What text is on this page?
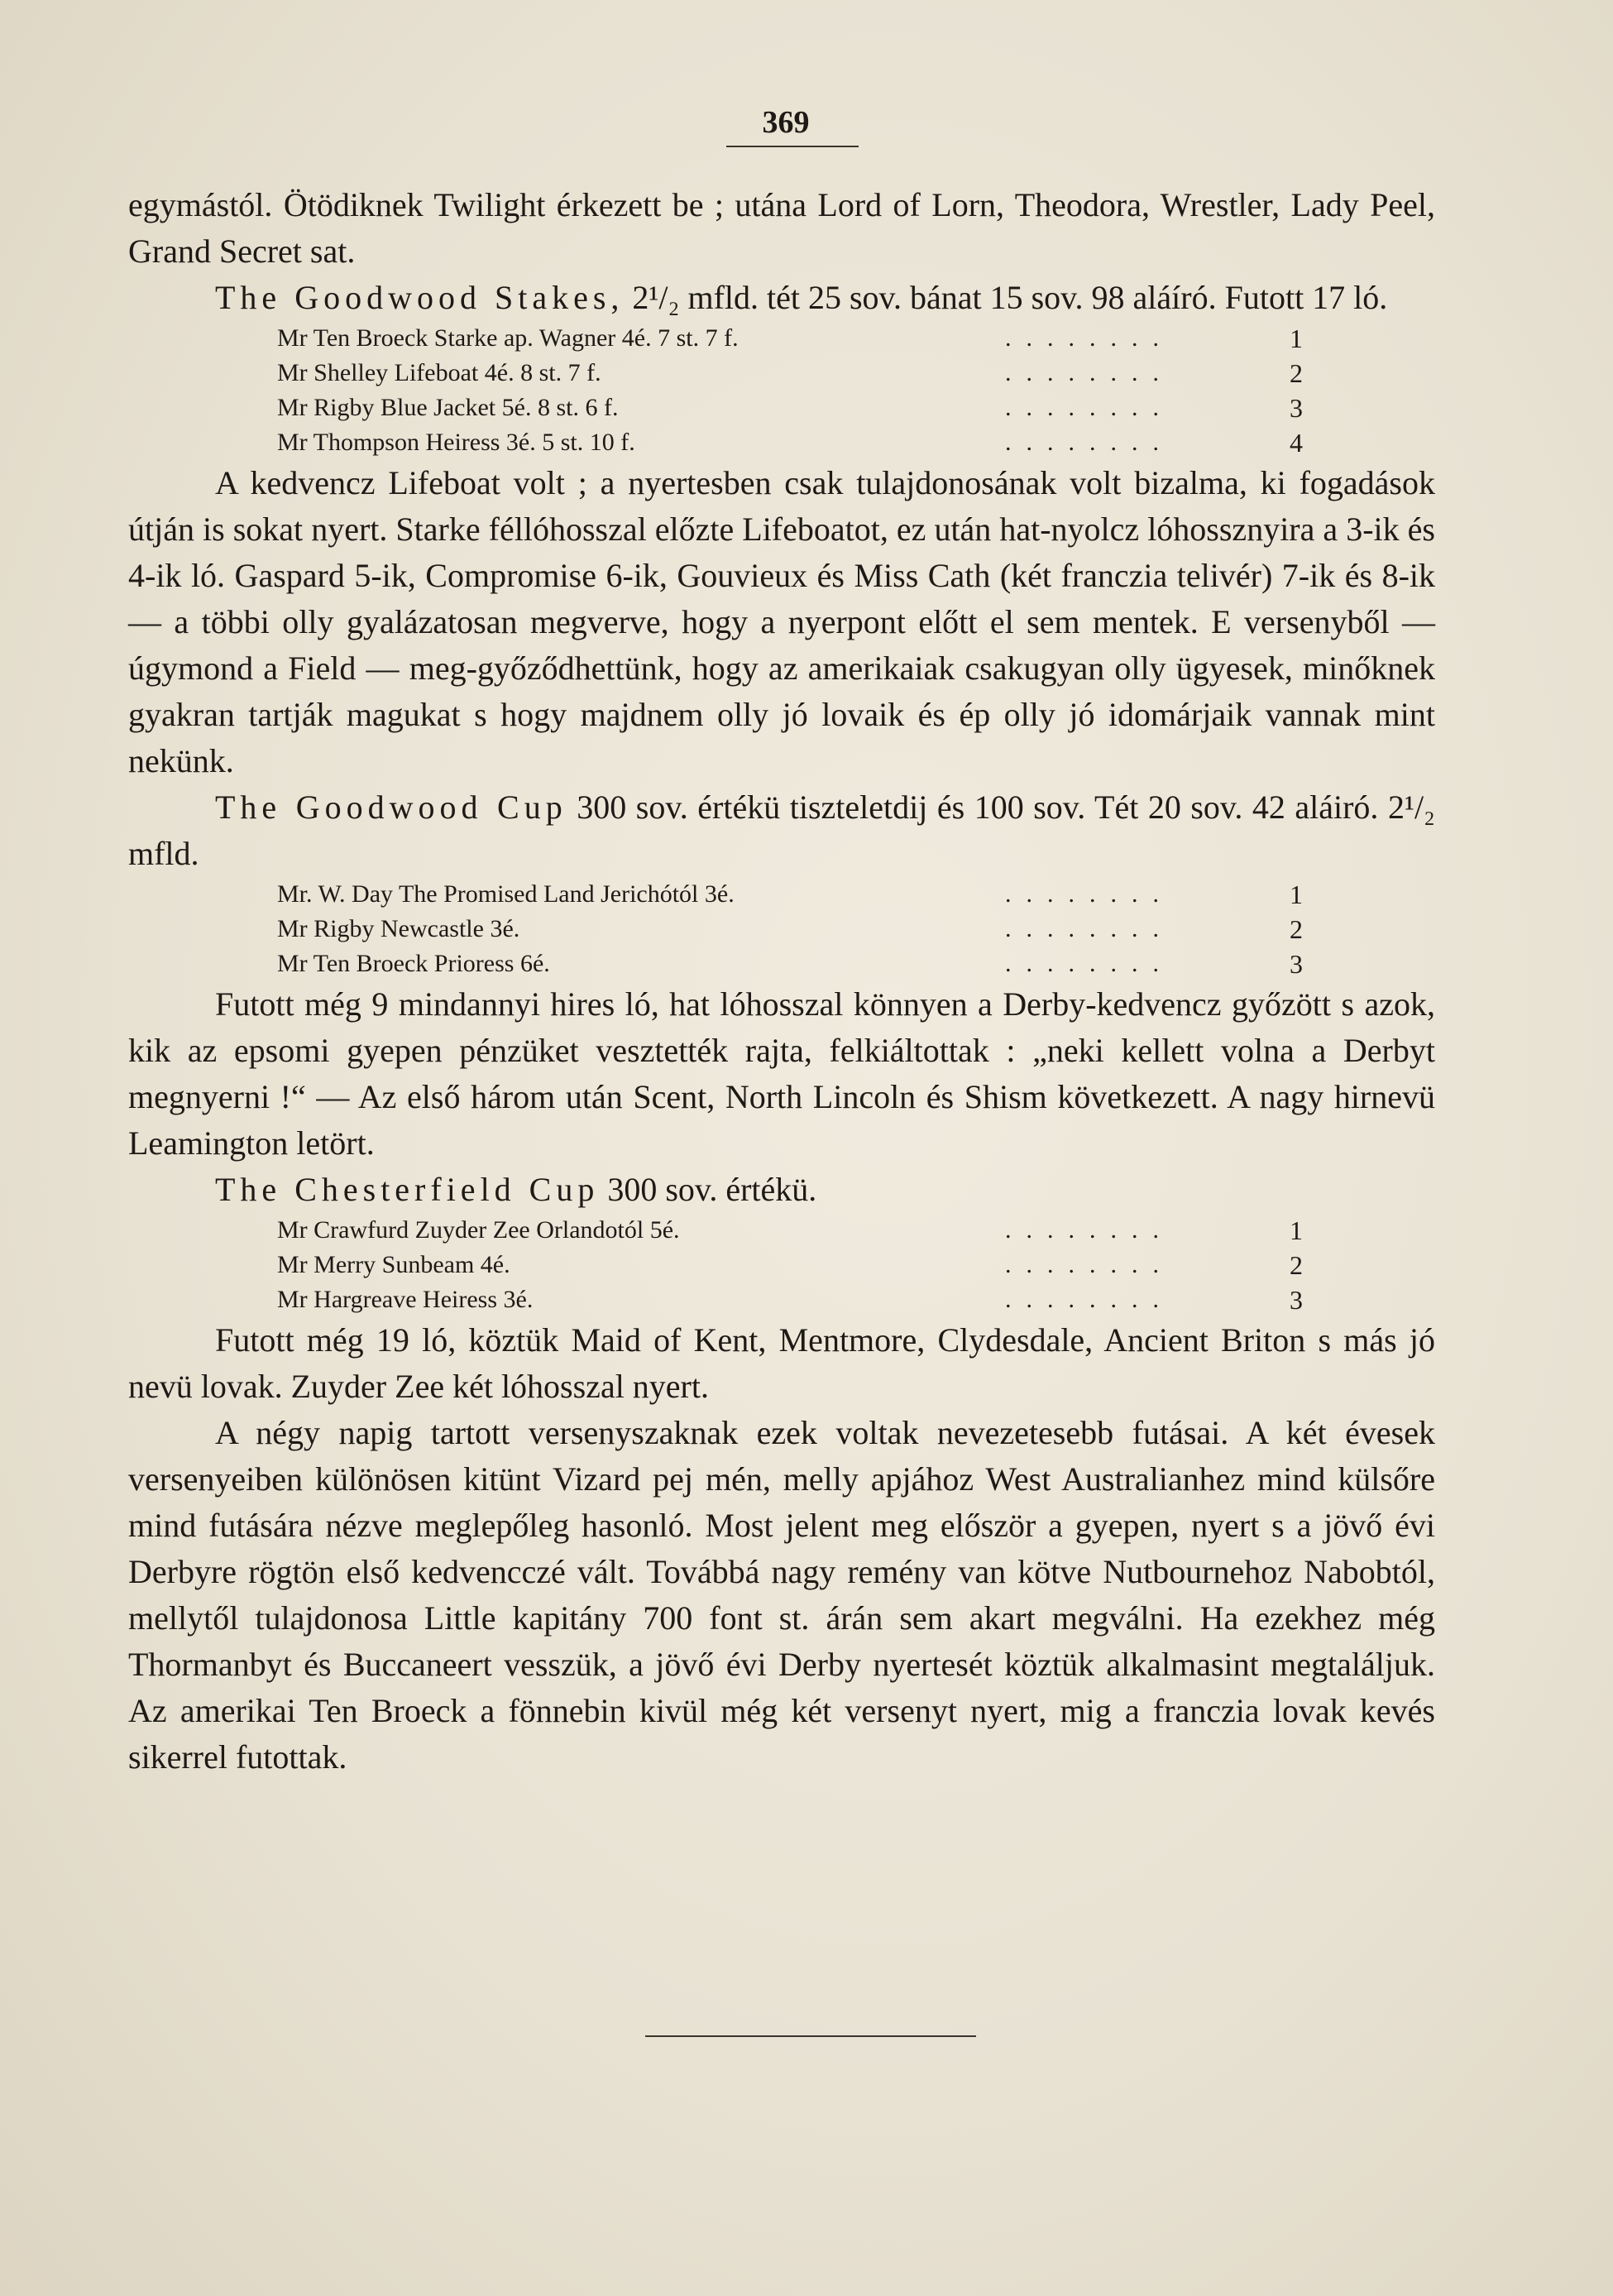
369

egymástól. Ötödiknek Twilight érkezett be ; utána Lord of Lorn, Theodora, Wrestler, Lady Peel, Grand Secret sat.

The Goodwood Stakes, 2¹/₂ mfld. tét 25 sov. bánat 15 sov. 98 aláíró. Futott 17 ló.

Mr Ten Broeck Starke ap. Wagner 4é. 7 st. 7 f.	........	1
Mr Shelley Lifeboat 4é. 8 st. 7 f.	........	2
Mr Rigby Blue Jacket 5é. 8 st. 6 f.	........	3
Mr Thompson Heiress 3é. 5 st. 10 f.	........	4

A kedvencz Lifeboat volt ; a nyertesben csak tulajdonosának volt bizalma, ki fogadások útján is sokat nyert. Starke féllóhosszal előzte Lifeboatot, ez után hat-nyolcz lóhossznyira a 3-ik és 4-ik ló. Gaspard 5-ik, Compromise 6-ik, Gouvieux és Miss Cath (két franczia telivér) 7-ik és 8-ik — a többi olly gyalázatosan megverve, hogy a nyerpont előtt el sem mentek. E versenyből — úgymond a Field — meg-győződhettünk, hogy az amerikaiak csakugyan olly ügyesek, minőknek gyakran tartják magukat s hogy majdnem olly jó lovaik és ép olly jó idomárjaik vannak mint nekünk.

The Goodwood Cup 300 sov. értékü tiszteletdij és 100 sov. Tét 20 sov. 42 aláiró. 2¹/₂ mfld.

Mr. W. Day The Promised Land Jerichótól 3é.	........	1
Mr Rigby Newcastle 3é.	........	2
Mr Ten Broeck Prioress 6é.	........	3

Futott még 9 mindannyi hires ló, hat lóhosszal könnyen a Derby-kedvencz győzött s azok, kik az epsomi gyepen pénzüket vesztették rajta, felkiáltottak : „neki kellett volna a Derbyt megnyerni !“ — Az első három után Scent, North Lincoln és Shism következett. A nagy hirnevü Leamington letört.

The Chesterfield Cup 300 sov. értékü.

Mr Crawfurd Zuyder Zee Orlandotól 5é.	........	1
Mr Merry Sunbeam 4é.	........	2
Mr Hargreave Heiress 3é.	........	3

Futott még 19 ló, köztük Maid of Kent, Mentmore, Clydesdale, Ancient Briton s más jó nevü lovak. Zuyder Zee két lóhosszal nyert.

A négy napig tartott versenyszaknak ezek voltak nevezetesebb futásai. A két évesek versenyeiben különösen kitünt Vizard pej mén, melly apjához West Australianhez mind külsőre mind futására nézve meglepőleg hasonló. Most jelent meg először a gyepen, nyert s a jövő évi Derbyre rögtön első kedvencczé vált. Továbbá nagy remény van kötve Nutbournehoz Nabobtól, mellytől tulajdonosa Little kapitány 700 font st. árán sem akart megválni. Ha ezekhez még Thormanbyt és Buccaneert vesszük, a jövő évi Derby nyertesét köztük alkalmasint megtaláljuk. Az amerikai Ten Broeck a fönnebin kivül még két versenyt nyert, mig a franczia lovak kevés sikerrel futottak.
